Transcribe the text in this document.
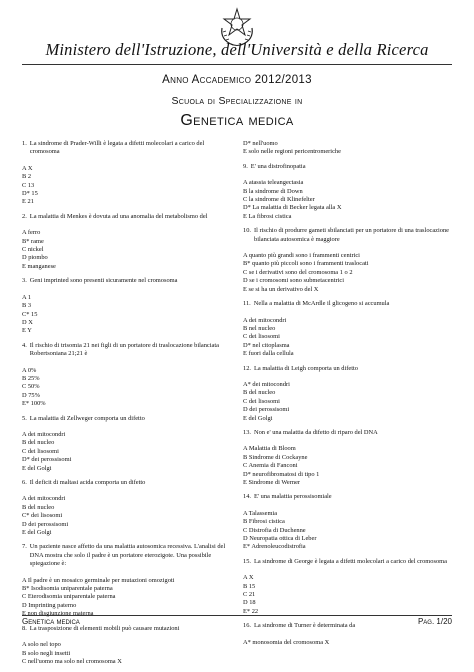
Ministero dell'Istruzione, dell'Università e della Ricerca
Anno Accademico 2012/2013
Scuola di Specializzazione in
Genetica medica
1. La sindrome di Prader-Willi è legata a difetti molecolari a carico del cromosoma
A X
B 2
C 13
D* 15
E 21
2. La malattia di Menkes è dovuta ad una anomalia del metabolismo del
A ferro
B* rame
C nickel
D piombo
E manganese
3. Geni imprinted sono presenti sicuramente nel cromosoma
A 1
B 3
C* 15
D X
E Y
4. Il rischio di trisomia 21 nei figli di un portatore di traslocazione bilanciata Robertsoniana 21;21 è
A 0%
B 25%
C 50%
D 75%
E* 100%
5. La malattia di Zellweger comporta un difetto
A dei mitocondri
B del nucleo
C dei lisosomi
D* dei perossisomi
E del Golgi
6. Il deficit di maltasi acida comporta un difetto
A dei mitocondri
B del nucleo
C* dei lisosomi
D dei perossisomi
E del Golgi
7. Un paziente nasce affetto da una malattia autosomica recessiva. L'analisi del DNA mostra che solo il padre è un portatore eterozigote. Una possibile spiegazione è:
A Il padre è un mosaico germinale per mutazioni omozigoti
B* Isodisomia uniparentale paterna
C Eterodisomia uniparentale paterna
D Imprinting paterno
E non disgiunzione materna
8. La trasposizione di elementi mobili può causare mutazioni
A solo nel topo
B solo negli insetti
C nell'uomo ma solo nel cromosoma X
D* nell'uomo
E solo nelle regioni pericentromeriche
9. E' una distrofinopatia
A atassia teleangectasia
B la sindrome di Down
C la sindrome di Klinefelter
D* La malattia di Becker legata alla X
E La fibrosi cistica
10. Il rischio di produrre gameti sbilanciati per un portatore di una traslocazione bilanciata autosomica è maggiore
A quanto più grandi sono i frammenti centrici
B* quanto più piccoli sono i frammenti traslocati
C se i derivativi sono del cromosoma 1 o 2
D se i cromosomi sono submetacentrici
E se si ha un derivativo del X
11. Nella a malattia di McArdle il glicogeno si accumula
A dei mitocondri
B nel nucleo
C dei lisosomi
D* nel citoplasma
E fuori dalla cellula
12. La malattia di Leigh comporta un difetto
A* dei mitocondri
B del nucleo
C dei lisosomi
D dei perossisomi
E del Golgi
13. Non e' una malattia da difetto di riparo del DNA
A Malattia di Bloom
B Sindrome di Cockayne
C Anemia di Fanconi
D* neurofibromatosi di tipo 1
E Sindrome di Werner
14. E' una malattia perossisomiale
A Talassemia
B Fibrosi cistica
C Distrofia di Duchenne
D Neuropatia ottica di Leber
E* Adrenoleucodistrofia
15. La sindrome di George è legata a difetti molecolari a carico del cromosoma
A X
B 15
C 21
D 18
E* 22
16. La sindrome di Turner è determinata da
A* monosomia del cromosoma X
Genetica medica	Pag. 1/20
